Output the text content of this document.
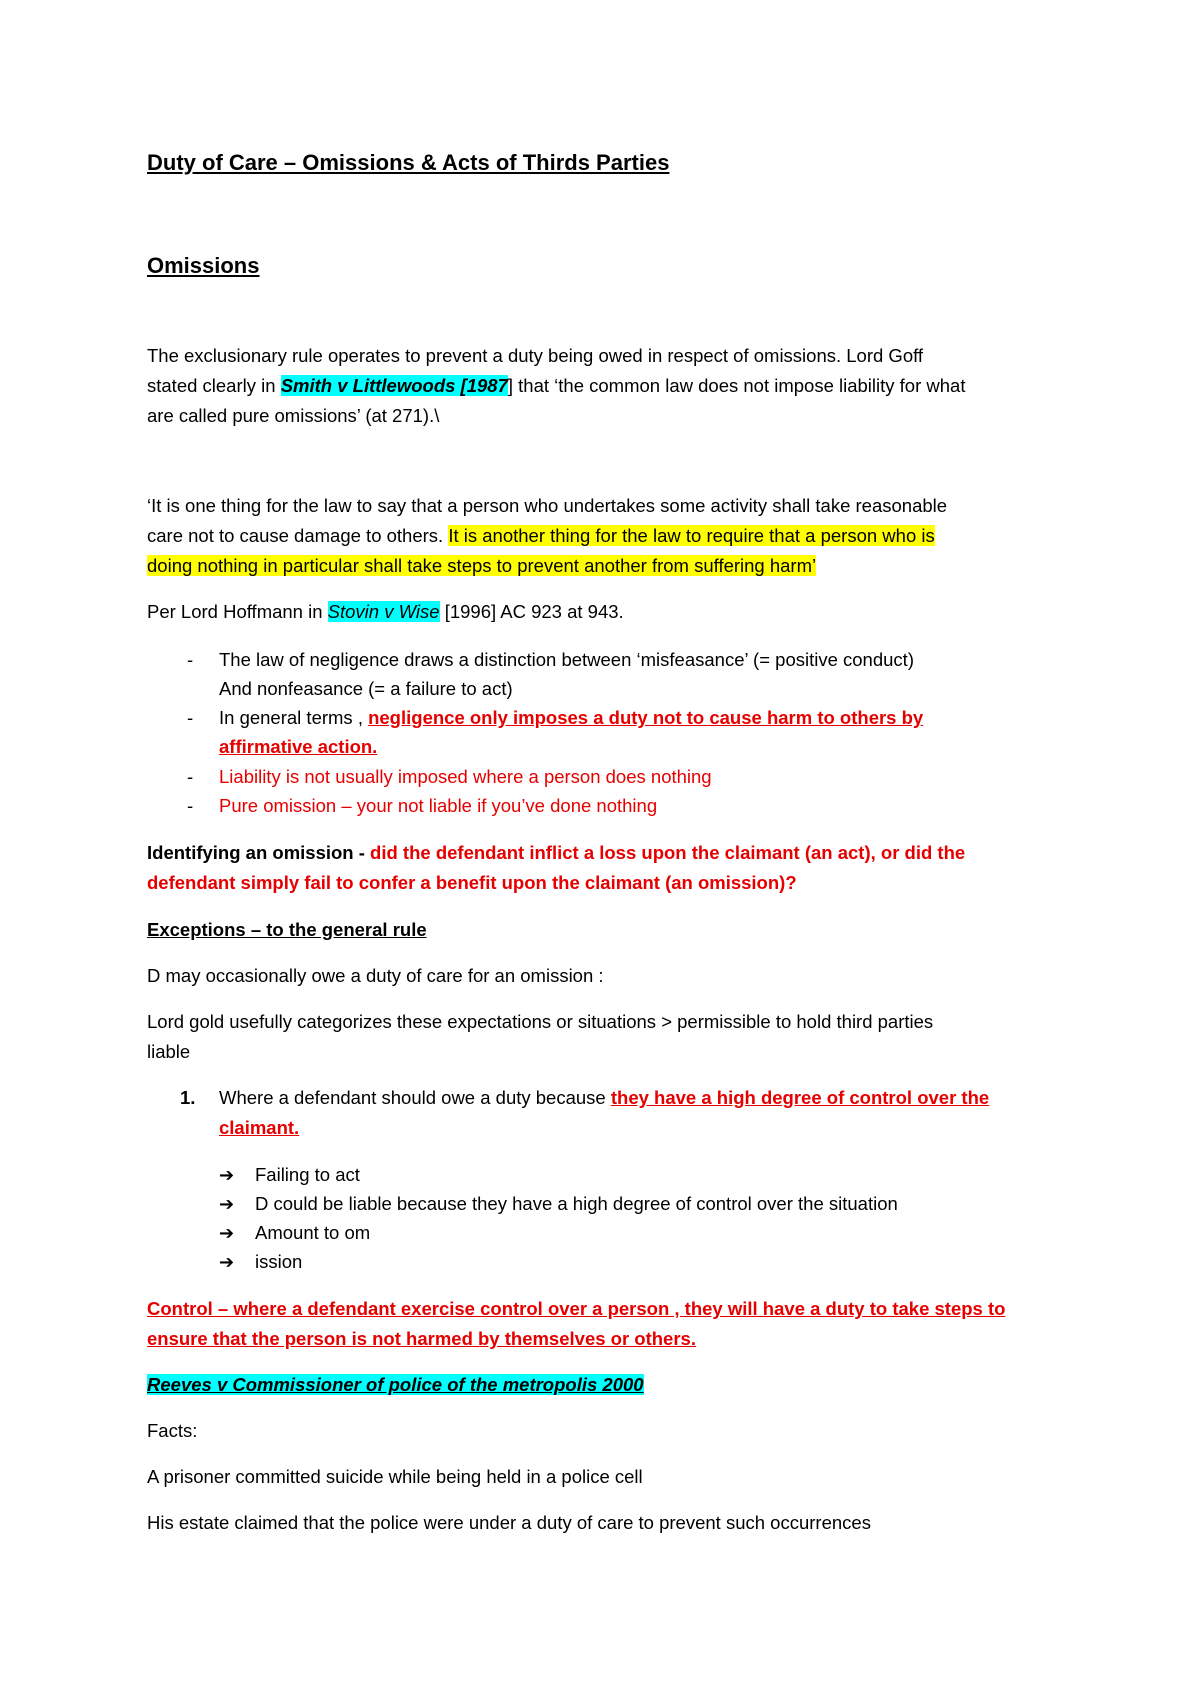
Duty of Care – Omissions & Acts of Thirds Parties
Omissions
The exclusionary rule operates to prevent a duty being owed in respect of omissions. Lord Goff
stated clearly in Smith v Littlewoods [1987] that ‘the common law does not impose liability for what
are called pure omissions’ (at 271).\
‘It is one thing for the law to say that a person who undertakes some activity shall take reasonable
care not to cause damage to others. It is another thing for the law to require that a person who is
doing nothing in particular shall take steps to prevent another from suffering harm’
Per Lord Hoffmann in Stovin v Wise [1996] AC 923 at 943.
- The law of negligence draws a distinction between ‘misfeasance’ (= positive conduct)
And nonfeasance (= a failure to act)
- In general terms , negligence only imposes a duty not to cause harm to others by
affirmative action.
- Liability is not usually imposed where a person does nothing
- Pure omission – your not liable if you’ve done nothing
Identifying an omission - did the defendant inflict a loss upon the claimant (an act), or did the
defendant simply fail to confer a benefit upon the claimant (an omission)?
Exceptions – to the general rule
D may occasionally owe a duty of care for an omission :
Lord gold usefully categorizes these expectations or situations > permissible to hold third parties
liable
1. Where a defendant should owe a duty because they have a high degree of control over the
claimant.
➔ Failing to act
➔ D could be liable because they have a high degree of control over the situation
➔ Amount to om
➔ ission
Control – where a defendant exercise control over a person , they will have a duty to take steps to
ensure that the person is not harmed by themselves or others.
Reeves v Commissioner of police of the metropolis 2000
Facts:
A prisoner committed suicide while being held in a police cell
His estate claimed that the police were under a duty of care to prevent such occurrences
